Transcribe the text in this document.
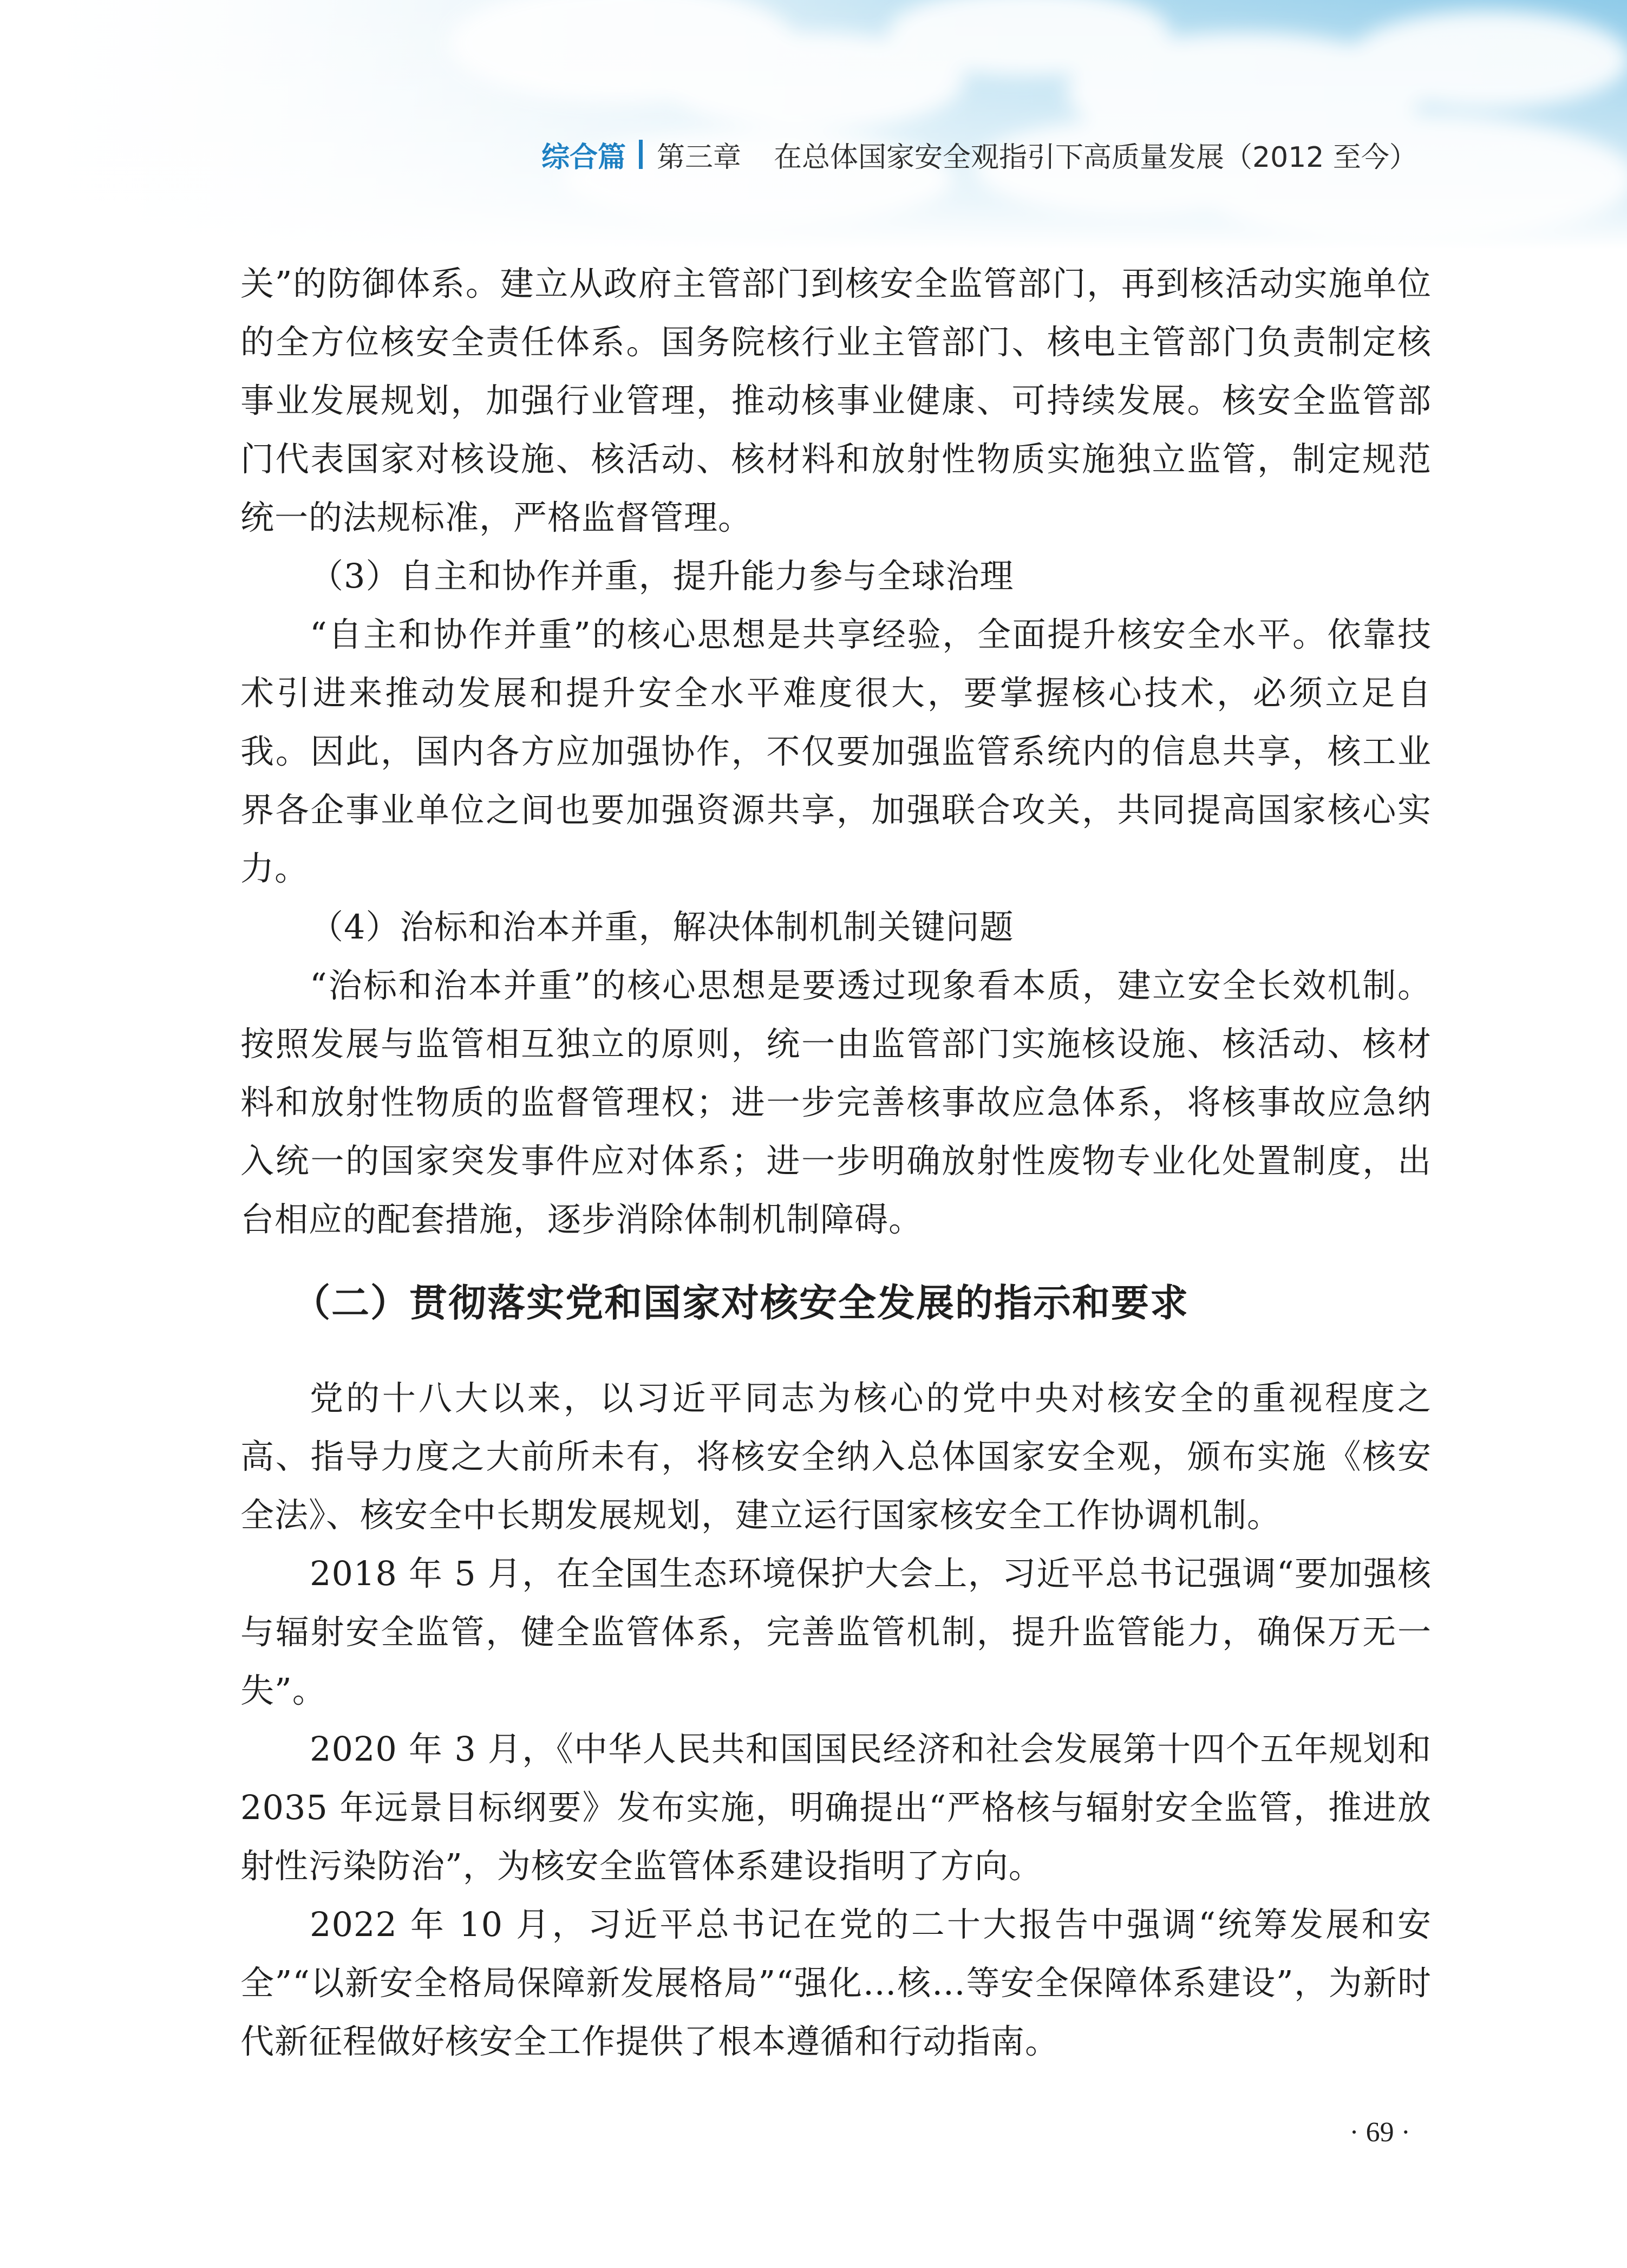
综合篇 第三章 在总体国家安全观指引下高质量发展（2012 至今）

关”的防御体系。建立从政府主管部门到核安全监管部门，再到核活动实施单位的全方位核安全责任体系。国务院核行业主管部门、核电主管部门负责制定核事业发展规划，加强行业管理，推动核事业健康、可持续发展。核安全监管部门代表国家对核设施、核活动、核材料和放射性物质实施独立监管，制定规范统一的法规标准，严格监督管理。

（3）自主和协作并重，提升能力参与全球治理

“自主和协作并重”的核心思想是共享经验，全面提升核安全水平。依靠技术引进来推动发展和提升安全水平难度很大，要掌握核心技术，必须立足自我。因此，国内各方应加强协作，不仅要加强监管系统内的信息共享，核工业界各企事业单位之间也要加强资源共享，加强联合攻关，共同提高国家核心实力。

（4）治标和治本并重，解决体制机制关键问题

“治标和治本并重”的核心思想是要透过现象看本质，建立安全长效机制。按照发展与监管相互独立的原则，统一由监管部门实施核设施、核活动、核材料和放射性物质的监督管理权；进一步完善核事故应急体系，将核事故应急纳入统一的国家突发事件应对体系；进一步明确放射性废物专业化处置制度，出台相应的配套措施，逐步消除体制机制障碍。

（二）贯彻落实党和国家对核安全发展的指示和要求

党的十八大以来，以习近平同志为核心的党中央对核安全的重视程度之高、指导力度之大前所未有，将核安全纳入总体国家安全观，颁布实施《核安全法》、核安全中长期发展规划，建立运行国家核安全工作协调机制。

2018 年 5 月，在全国生态环境保护大会上，习近平总书记强调“要加强核与辐射安全监管，健全监管体系，完善监管机制，提升监管能力，确保万无一失”。

2020 年 3 月，《中华人民共和国国民经济和社会发展第十四个五年规划和 2035 年远景目标纲要》发布实施，明确提出“严格核与辐射安全监管，推进放射性污染防治”，为核安全监管体系建设指明了方向。

2022 年 10 月，习近平总书记在党的二十大报告中强调“统筹发展和安全”“以新安全格局保障新发展格局”“强化…核…等安全保障体系建设”，为新时代新征程做好核安全工作提供了根本遵循和行动指南。

· 69 ·
